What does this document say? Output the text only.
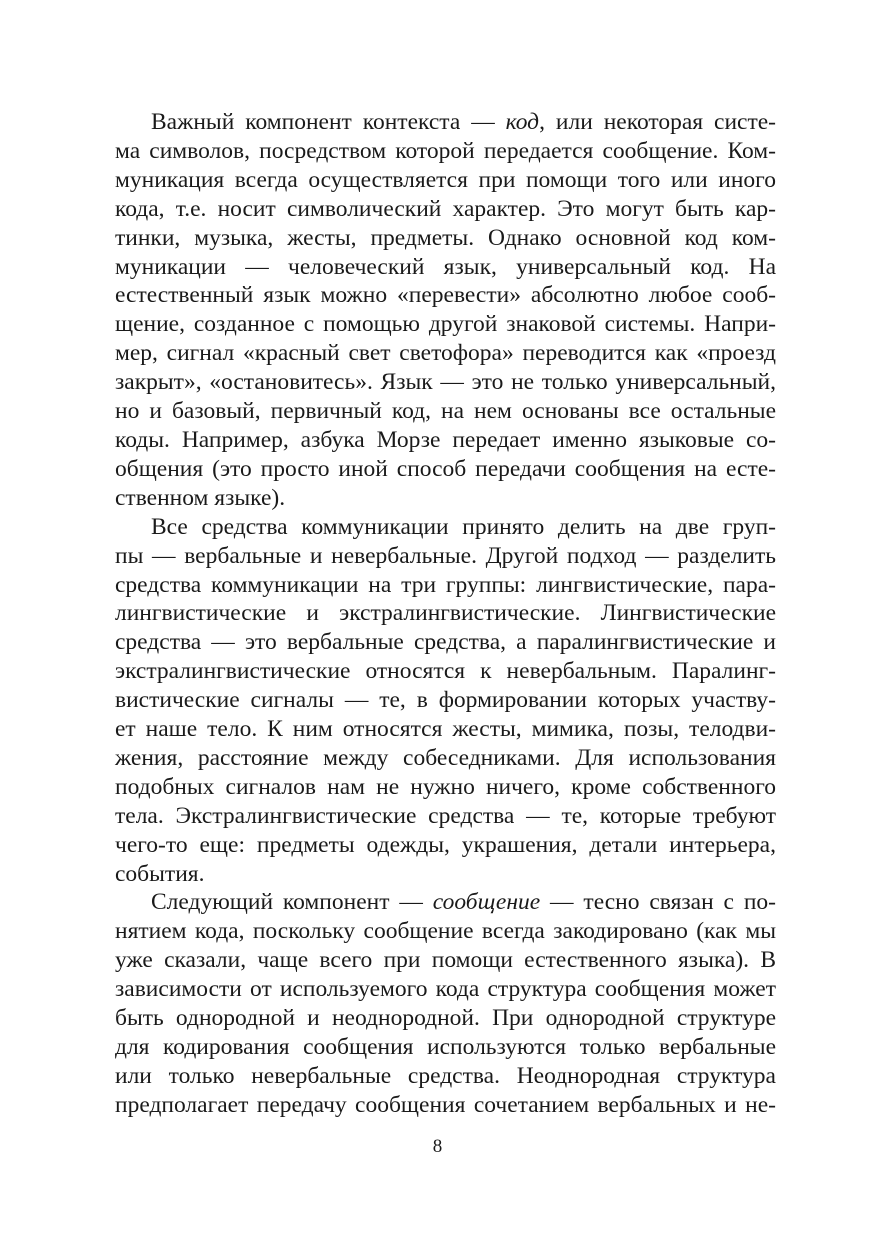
Важный компонент контекста — код, или некоторая систе-
ма символов, посредством которой передается сообщение. Ком-
муникация всегда осуществляется при помощи того или иного
кода, т.е. носит символический характер. Это могут быть кар-
тинки, музыка, жесты, предметы. Однако основной код ком-
муникации — человеческий язык, универсальный код. На
естественный язык можно «перевести» абсолютно любое сооб-
щение, созданное с помощью другой знаковой системы. Напри-
мер, сигнал «красный свет светофора» переводится как «проезд
закрыт», «остановитесь». Язык — это не только универсальный,
но и базовый, первичный код, на нем основаны все остальные
коды. Например, азбука Морзе передает именно языковые со-
общения (это просто иной способ передачи сообщения на есте-
ственном языке).
Все средства коммуникации принято делить на две груп-
пы — вербальные и невербальные. Другой подход — разделить
средства коммуникации на три группы: лингвистические, пара-
лингвистические и экстралингвистические. Лингвистические
средства — это вербальные средства, а паралингвистические и
экстралингвистические относятся к невербальным. Паралинг-
вистические сигналы — те, в формировании которых участву-
ет наше тело. К ним относятся жесты, мимика, позы, телодви-
жения, расстояние между собеседниками. Для использования
подобных сигналов нам не нужно ничего, кроме собственного
тела. Экстралингвистические средства — те, которые требуют
чего-то еще: предметы одежды, украшения, детали интерьера,
события.
Следующий компонент — сообщение — тесно связан с по-
нятием кода, поскольку сообщение всегда закодировано (как мы
уже сказали, чаще всего при помощи естественного языка). В
зависимости от используемого кода структура сообщения может
быть однородной и неоднородной. При однородной структуре
для кодирования сообщения используются только вербальные
или только невербальные средства. Неоднородная структура
предполагает передачу сообщения сочетанием вербальных и не-
8
